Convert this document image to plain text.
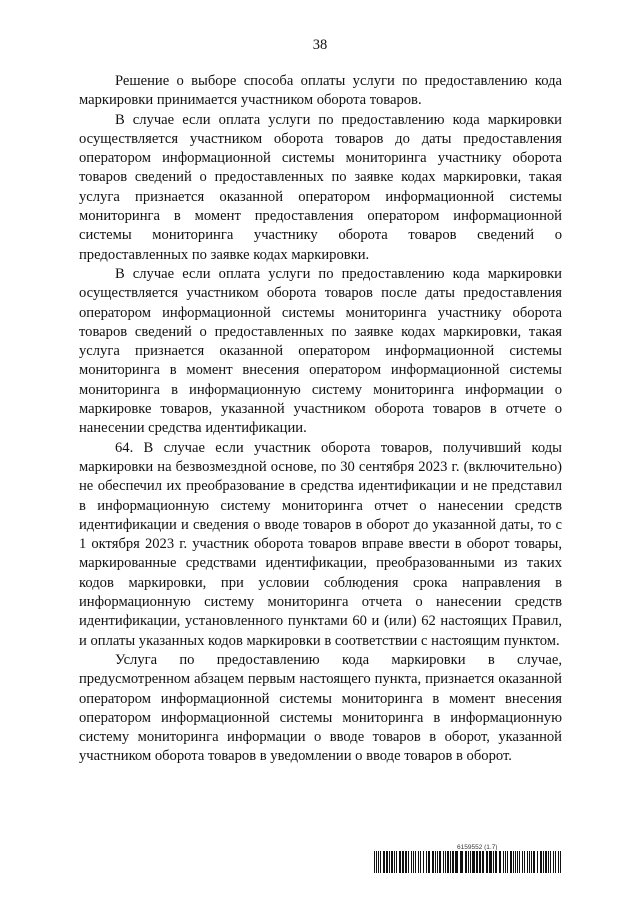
38

Решение о выборе способа оплаты услуги по предоставлению кода маркировки принимается участником оборота товаров.

В случае если оплата услуги по предоставлению кода маркировки осуществляется участником оборота товаров до даты предоставления оператором информационной системы мониторинга участнику оборота товаров сведений о предоставленных по заявке кодах маркировки, такая услуга признается оказанной оператором информационной системы мониторинга в момент предоставления оператором информационной системы мониторинга участнику оборота товаров сведений о предоставленных по заявке кодах маркировки.

В случае если оплата услуги по предоставлению кода маркировки осуществляется участником оборота товаров после даты предоставления оператором информационной системы мониторинга участнику оборота товаров сведений о предоставленных по заявке кодах маркировки, такая услуга признается оказанной оператором информационной системы мониторинга в момент внесения оператором информационной системы мониторинга в информационную систему мониторинга информации о маркировке товаров, указанной участником оборота товаров в отчете о нанесении средства идентификации.

64. В случае если участник оборота товаров, получивший коды маркировки на безвозмездной основе, по 30 сентября 2023 г. (включительно) не обеспечил их преобразование в средства идентификации и не представил в информационную систему мониторинга отчет о нанесении средств идентификации и сведения о вводе товаров в оборот до указанной даты, то с 1 октября 2023 г. участник оборота товаров вправе ввести в оборот товары, маркированные средствами идентификации, преобразованными из таких кодов маркировки, при условии соблюдения срока направления в информационную систему мониторинга отчета о нанесении средств идентификации, установленного пунктами 60 и (или) 62 настоящих Правил, и оплаты указанных кодов маркировки в соответствии с настоящим пунктом.

Услуга по предоставлению кода маркировки в случае, предусмотренном абзацем первым настоящего пункта, признается оказанной оператором информационной системы мониторинга в момент внесения оператором информационной системы мониторинга в информационную систему мониторинга информации о вводе товаров в оборот, указанной участником оборота товаров в уведомлении о вводе товаров в оборот.

6159552 (1.7)
